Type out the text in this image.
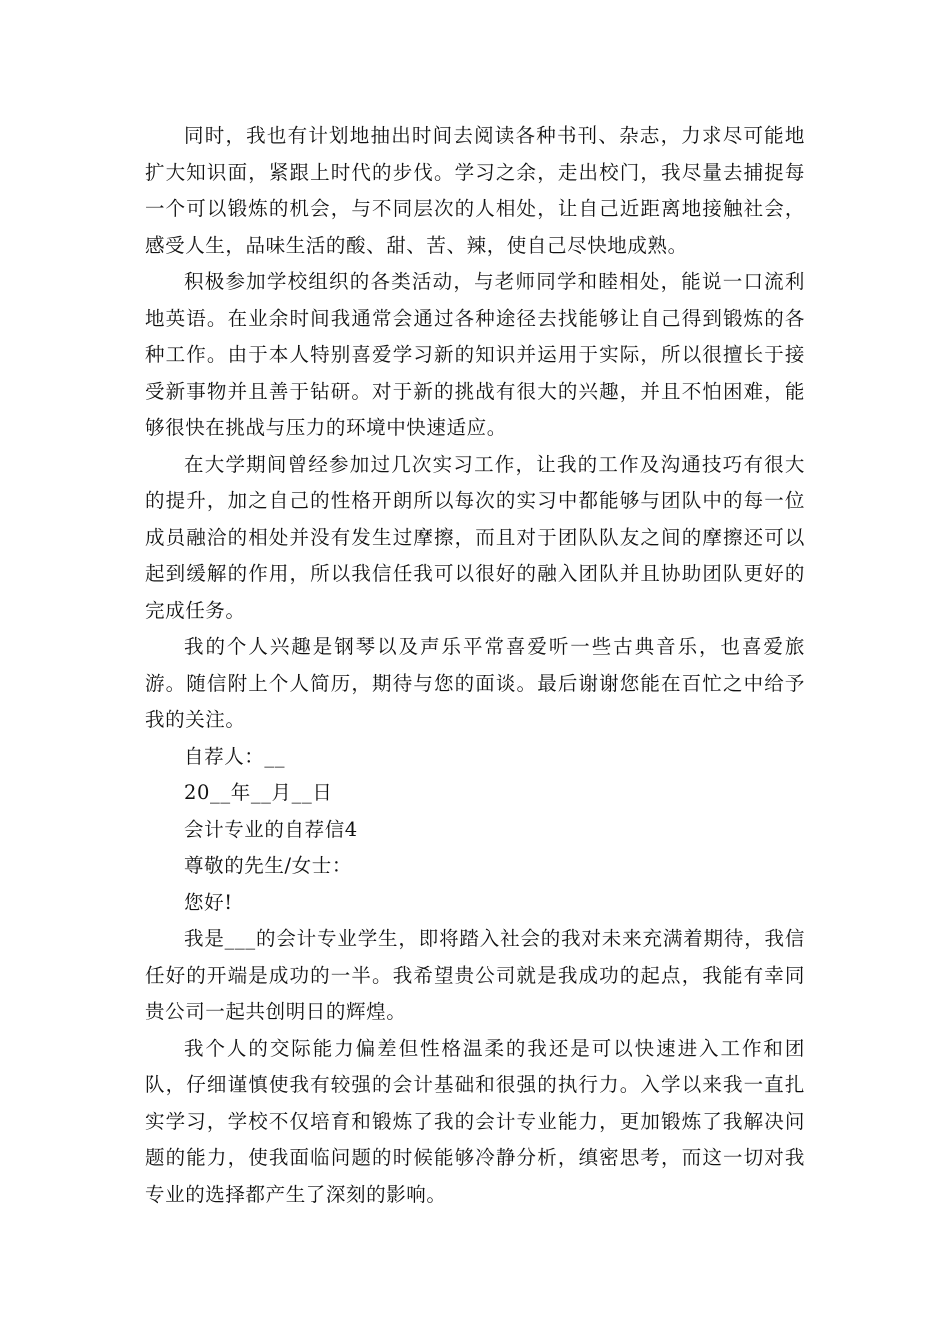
同时，我也有计划地抽出时间去阅读各种书刊、杂志，力求尽可能地扩大知识面，紧跟上时代的步伐。学习之余，走出校门，我尽量去捕捉每一个可以锻炼的机会，与不同层次的人相处，让自己近距离地接触社会，感受人生，品味生活的酸、甜、苦、辣，使自己尽快地成熟。

积极参加学校组织的各类活动，与老师同学和睦相处，能说一口流利地英语。在业余时间我通常会通过各种途径去找能够让自己得到锻炼的各种工作。由于本人特别喜爱学习新的知识并运用于实际，所以很擅长于接受新事物并且善于钻研。对于新的挑战有很大的兴趣，并且不怕困难，能够很快在挑战与压力的环境中快速适应。

在大学期间曾经参加过几次实习工作，让我的工作及沟通技巧有很大的提升，加之自己的性格开朗所以每次的实习中都能够与团队中的每一位成员融洽的相处并没有发生过摩擦，而且对于团队队友之间的摩擦还可以起到缓解的作用，所以我信任我可以很好的融入团队并且协助团队更好的完成任务。

我的个人兴趣是钢琴以及声乐平常喜爱听一些古典音乐，也喜爱旅游。随信附上个人简历，期待与您的面谈。最后谢谢您能在百忙之中给予我的关注。

自荐人：__

20__年__月__日

会计专业的自荐信4

尊敬的先生/女士：

您好!

我是___的会计专业学生，即将踏入社会的我对未来充满着期待，我信任好的开端是成功的一半。我希望贵公司就是我成功的起点，我能有幸同贵公司一起共创明日的辉煌。

我个人的交际能力偏差但性格温柔的我还是可以快速进入工作和团队，仔细谨慎使我有较强的会计基础和很强的执行力。入学以来我一直扎实学习，学校不仅培育和锻炼了我的会计专业能力，更加锻炼了我解决问题的能力，使我面临问题的时候能够冷静分析，缜密思考，而这一切对我专业的选择都产生了深刻的影响。
